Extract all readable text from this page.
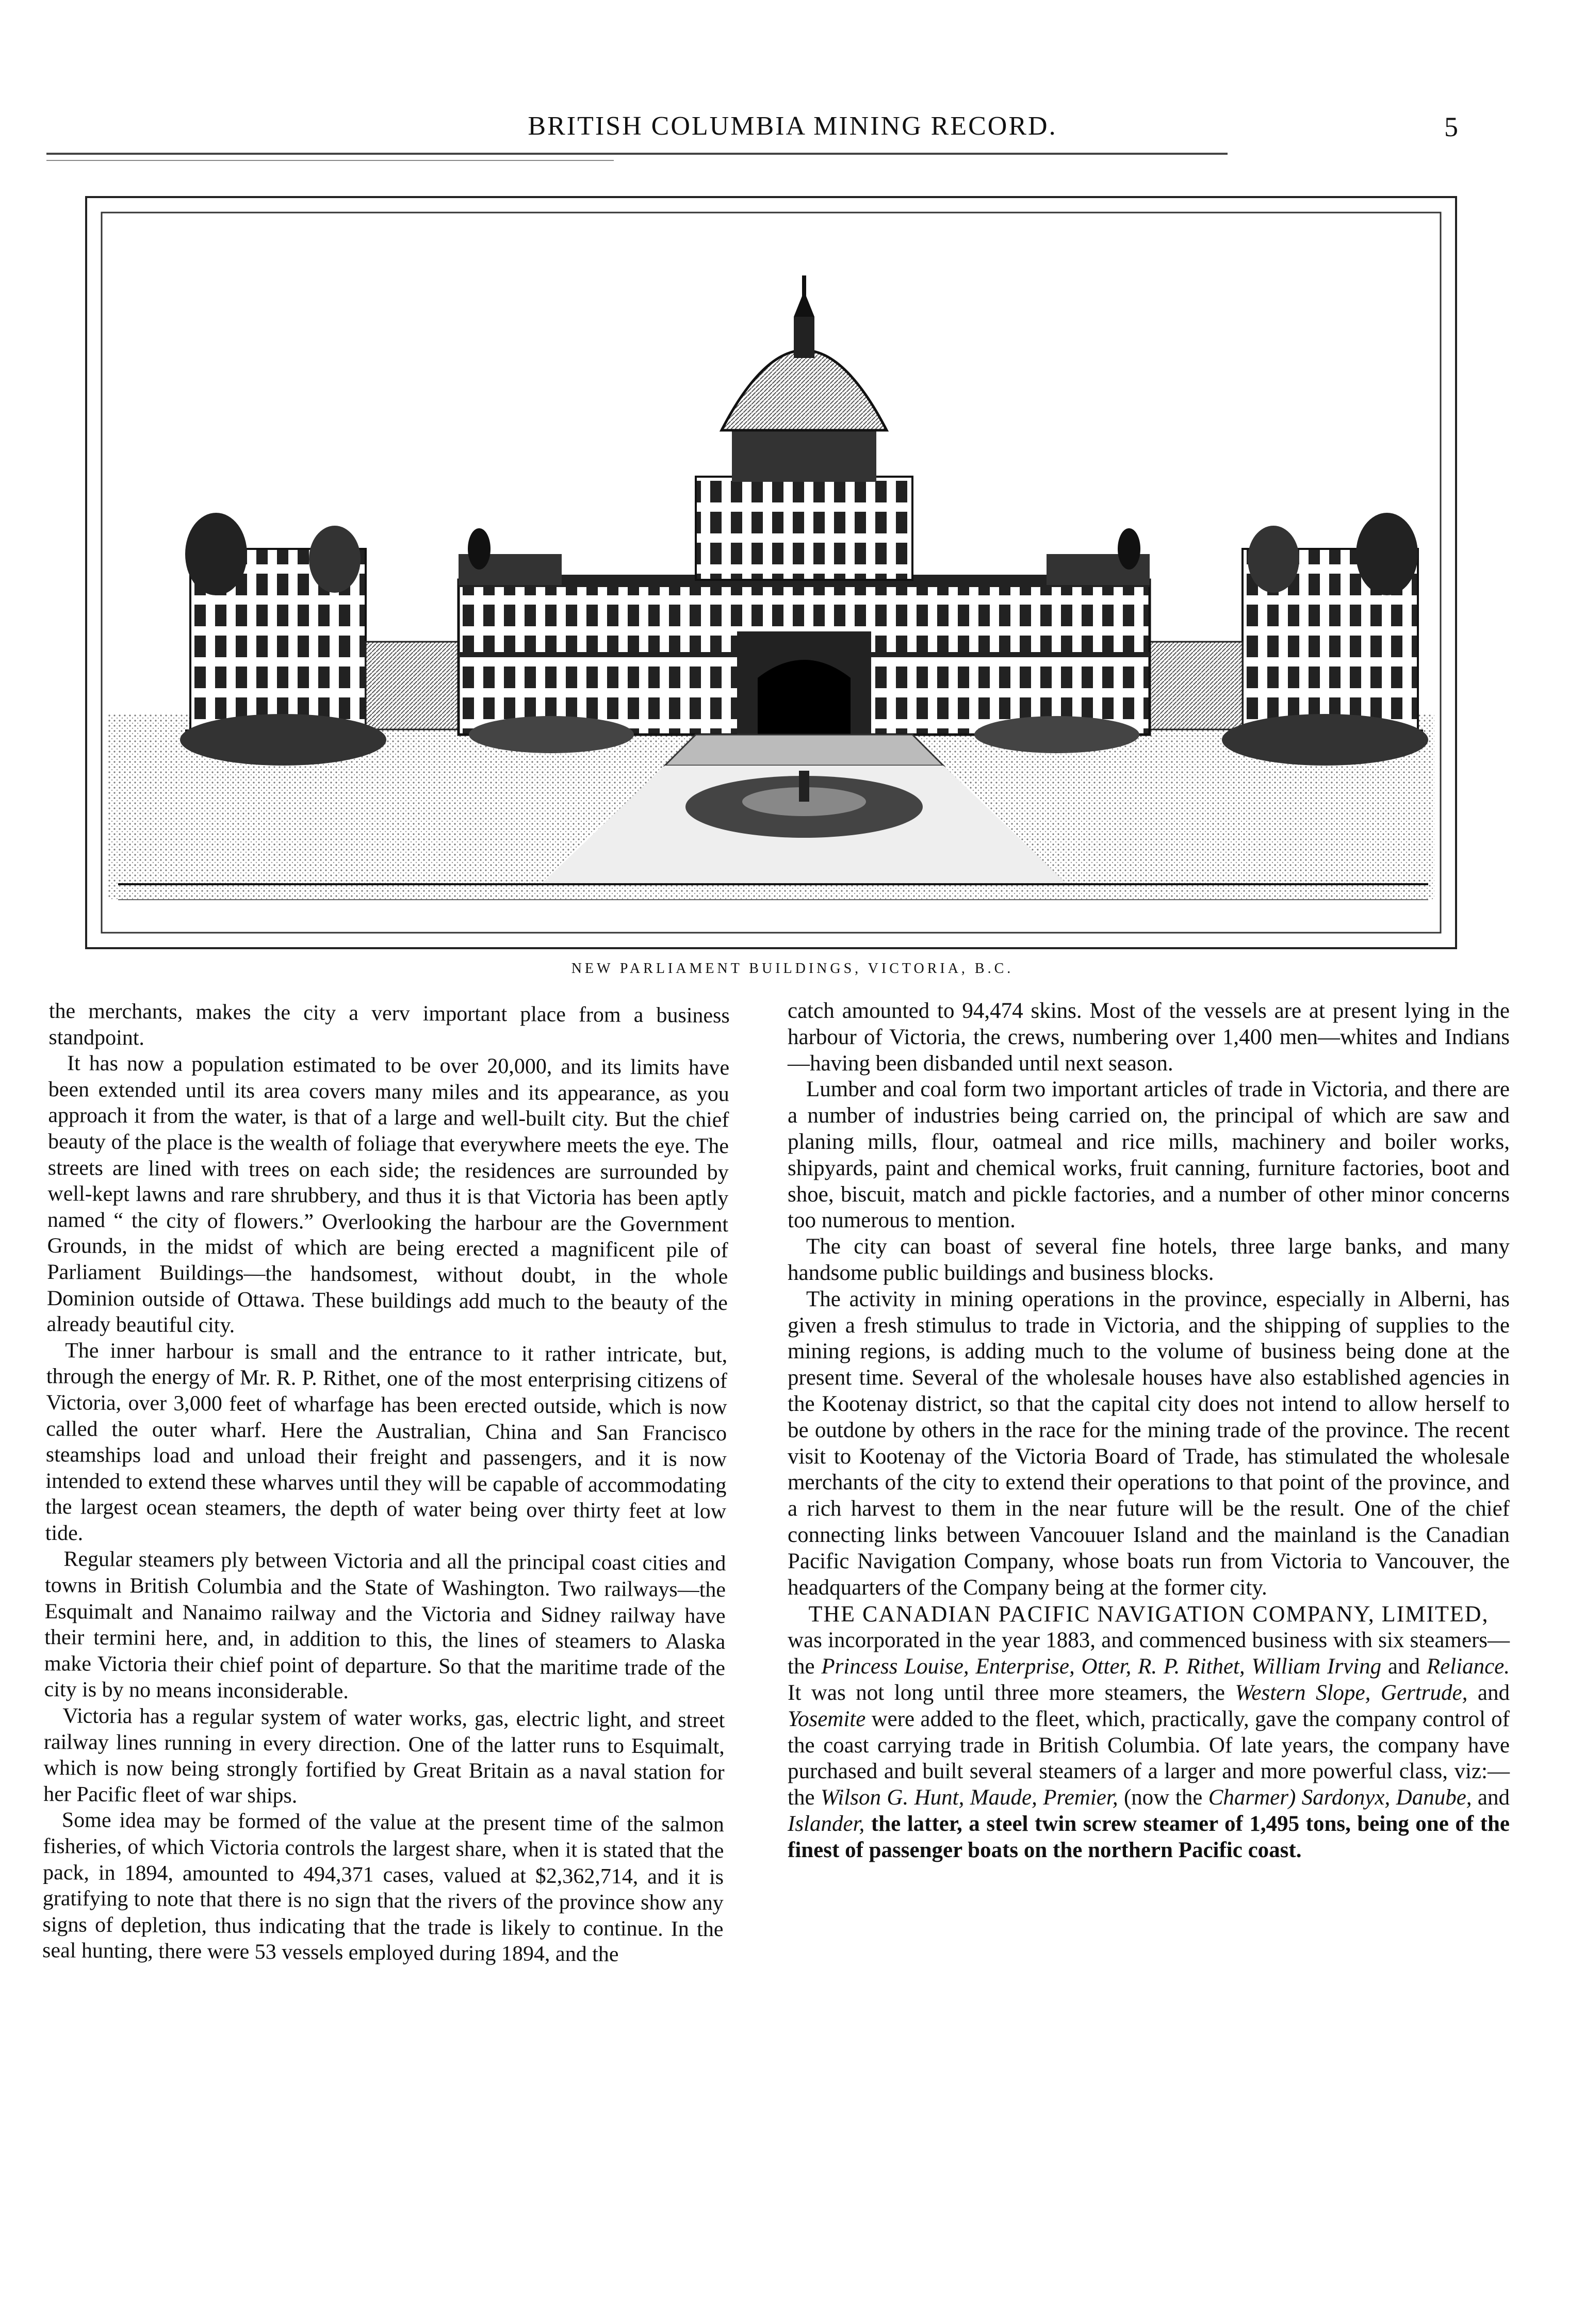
BRITISH COLUMBIA MINING RECORD.	5
NEW PARLIAMENT BUILDINGS, VICTORIA, B.C.

the merchants, makes the city a verv important place from a business standpoint.

It has now a population estimated to be over 20,000, and its limits have been extended until its area covers many miles and its appearance, as you approach it from the water, is that of a large and well-built city. But the chief beauty of the place is the wealth of foliage that everywhere meets the eye. The streets are lined with trees on each side; the residences are surrounded by well-kept lawns and rare shrubbery, and thus it is that Victoria has been aptly named “ the city of flowers.” Overlooking the harbour are the Government Grounds, in the midst of which are being erected a magnificent pile of Parliament Buildings—the handsomest, without doubt, in the whole Dominion outside of Ottawa. These buildings add much to the beauty of the already beautiful city.

The inner harbour is small and the entrance to it rather intricate, but, through the energy of Mr. R. P. Rithet, one of the most enterprising citizens of Victoria, over 3,000 feet of wharfage has been erected outside, which is now called the outer wharf. Here the Australian, China and San Francisco steamships load and unload their freight and passengers, and it is now intended to extend these wharves until they will be capable of accommodating the largest ocean steamers, the depth of water being over thirty feet at low tide.

Regular steamers ply between Victoria and all the principal coast cities and towns in British Columbia and the State of Washington. Two railways—the Esquimalt and Nanaimo railway and the Victoria and Sidney railway have their termini here, and, in addition to this, the lines of steamers to Alaska make Victoria their chief point of departure. So that the maritime trade of the city is by no means inconsiderable.

Victoria has a regular system of water works, gas, electric light, and street railway lines running in every direction. One of the latter runs to Esquimalt, which is now being strongly fortified by Great Britain as a naval station for her Pacific fleet of war ships.

Some idea may be formed of the value at the present time of the salmon fisheries, of which Victoria controls the largest share, when it is stated that the pack, in 1894, amounted to 494,371 cases, valued at $2,362,714, and it is gratifying to note that there is no sign that the rivers of the province show any signs of depletion, thus indicating that the trade is likely to continue. In the seal hunting, there were 53 vessels employed during 1894, and the

catch amounted to 94,474 skins. Most of the vessels are at present lying in the harbour of Victoria, the crews, numbering over 1,400 men—whites and Indians—having been disbanded until next season.

Lumber and coal form two important articles of trade in Victoria, and there are a number of industries being carried on, the principal of which are saw and planing mills, flour, oatmeal and rice mills, machinery and boiler works, shipyards, paint and chemical works, fruit canning, furniture factories, boot and shoe, biscuit, match and pickle factories, and a number of other minor concerns too numerous to mention.

The city can boast of several fine hotels, three large banks, and many handsome public buildings and business blocks.

The activity in mining operations in the province, especially in Alberni, has given a fresh stimulus to trade in Victoria, and the shipping of supplies to the mining regions, is adding much to the volume of business being done at the present time. Several of the wholesale houses have also established agencies in the Kootenay district, so that the capital city does not intend to allow herself to be outdone by others in the race for the mining trade of the province. The recent visit to Kootenay of the Victoria Board of Trade, has stimulated the wholesale merchants of the city to extend their operations to that point of the province, and a rich harvest to them in the near future will be the result. One of the chief connecting links between Vancouuer Island and the mainland is the Canadian Pacific Navigation Company, whose boats run from Victoria to Vancouver, the headquarters of the Company being at the former city.

THE CANADIAN PACIFIC NAVIGATION COMPANY, LIMITED,

was incorporated in the year 1883, and commenced business with six steamers—the Princess Louise, Enterprise, Otter, R. P. Rithet, William Irving and Reliance. It was not long until three more steamers, the Western Slope, Gertrude, and Yosemite were added to the fleet, which, practically, gave the company control of the coast carrying trade in British Columbia. Of late years, the company have purchased and built several steamers of a larger and more powerful class, viz:—the Wilson G. Hunt, Maude, Premier, (now the Charmer) Sardonyx, Danube, and Islander, the latter, a steel twin screw steamer of 1,495 tons, being one of the finest of passenger boats on the northern Pacific coast.
